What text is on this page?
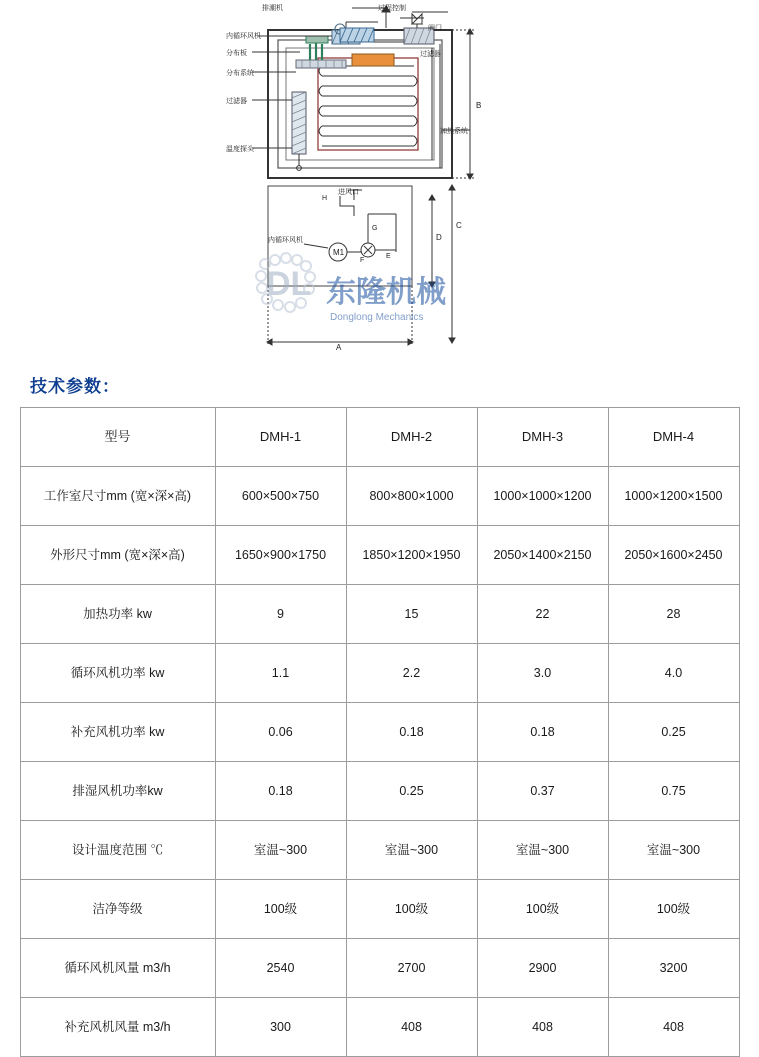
排潮机	过程控制
内循环风机
阀门
过滤器
分布板
分布系统
过滤器
温度探头
加热系统
进风口
内循环风机
M1
A
B
C
D
E
F
G
H
DL 东隆机械
Donglong Mechanics
技术参数：
型号	DMH-1	DMH-2	DMH-3	DMH-4
工作室尺寸mm (宽×深×高)	600×500×750	800×800×1000	1000×1000×1200	1000×1200×1500
外形尺寸mm (宽×深×高)	1650×900×1750	1850×1200×1950	2050×1400×2150	2050×1600×2450
加热功率 kw	9	15	22	28
循环风机功率 kw	1.1	2.2	3.0	4.0
补充风机功率 kw	0.06	0.18	0.18	0.25
排湿风机功率kw	0.18	0.25	0.37	0.75
设计温度范围 ℃	室温~300	室温~300	室温~300	室温~300
洁净等级	100级	100级	100级	100级
循环风机风量 m3/h	2540	2700	2900	3200
补充风机风量 m3/h	300	408	408	408
